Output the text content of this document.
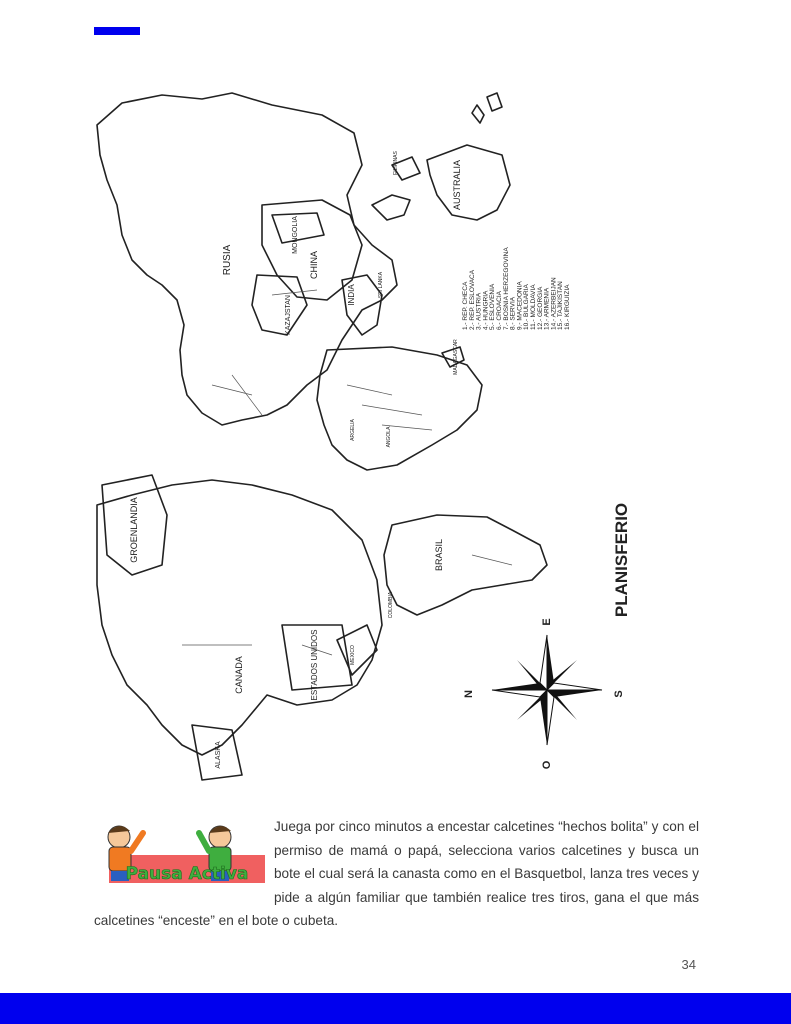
N	S
E
O
PLANISFERIO
RUSIA
MONGOLIA
CHINA
KAZAJSTAN
INDIA
AUSTRALIA
GROENLANDIA
CANADA	ESTADOS UNIDOS
ALASKA
BRASIL
COLOMBIA
MEXICO
FILIPINAS
SRI LANKA
MADAGASCAR
ANGOLA
ARGELIA
1.- REP. CHECA 2.- REP. ESLOVACA 3.- AUSTRIA 4.- HUNGRIA 5.- ESLOVENIA 6.- CROACIA 7.- BOSNIA HERZEGOVINA 8.- SERVIA 9.- MACEDONIA 10.- BULGARIA 11.- MOLDAVIA 12.- GEORGIA 13.- ARMENIA 14.- AZERBEIJAN 15.- TAJIKISTAN 16.- KIRGUIZIA
Pausa Activa
Juega por cinco minutos a encestar calcetines “hechos bolita” y con el permiso de mamá o papá, selecciona varios calcetines y busca un bote el cual será la canasta como en el Basquetbol, lanza tres veces y pide a algún familiar que también realice tres tiros, gana el que más calcetines “enceste” en el bote o cubeta.
34
